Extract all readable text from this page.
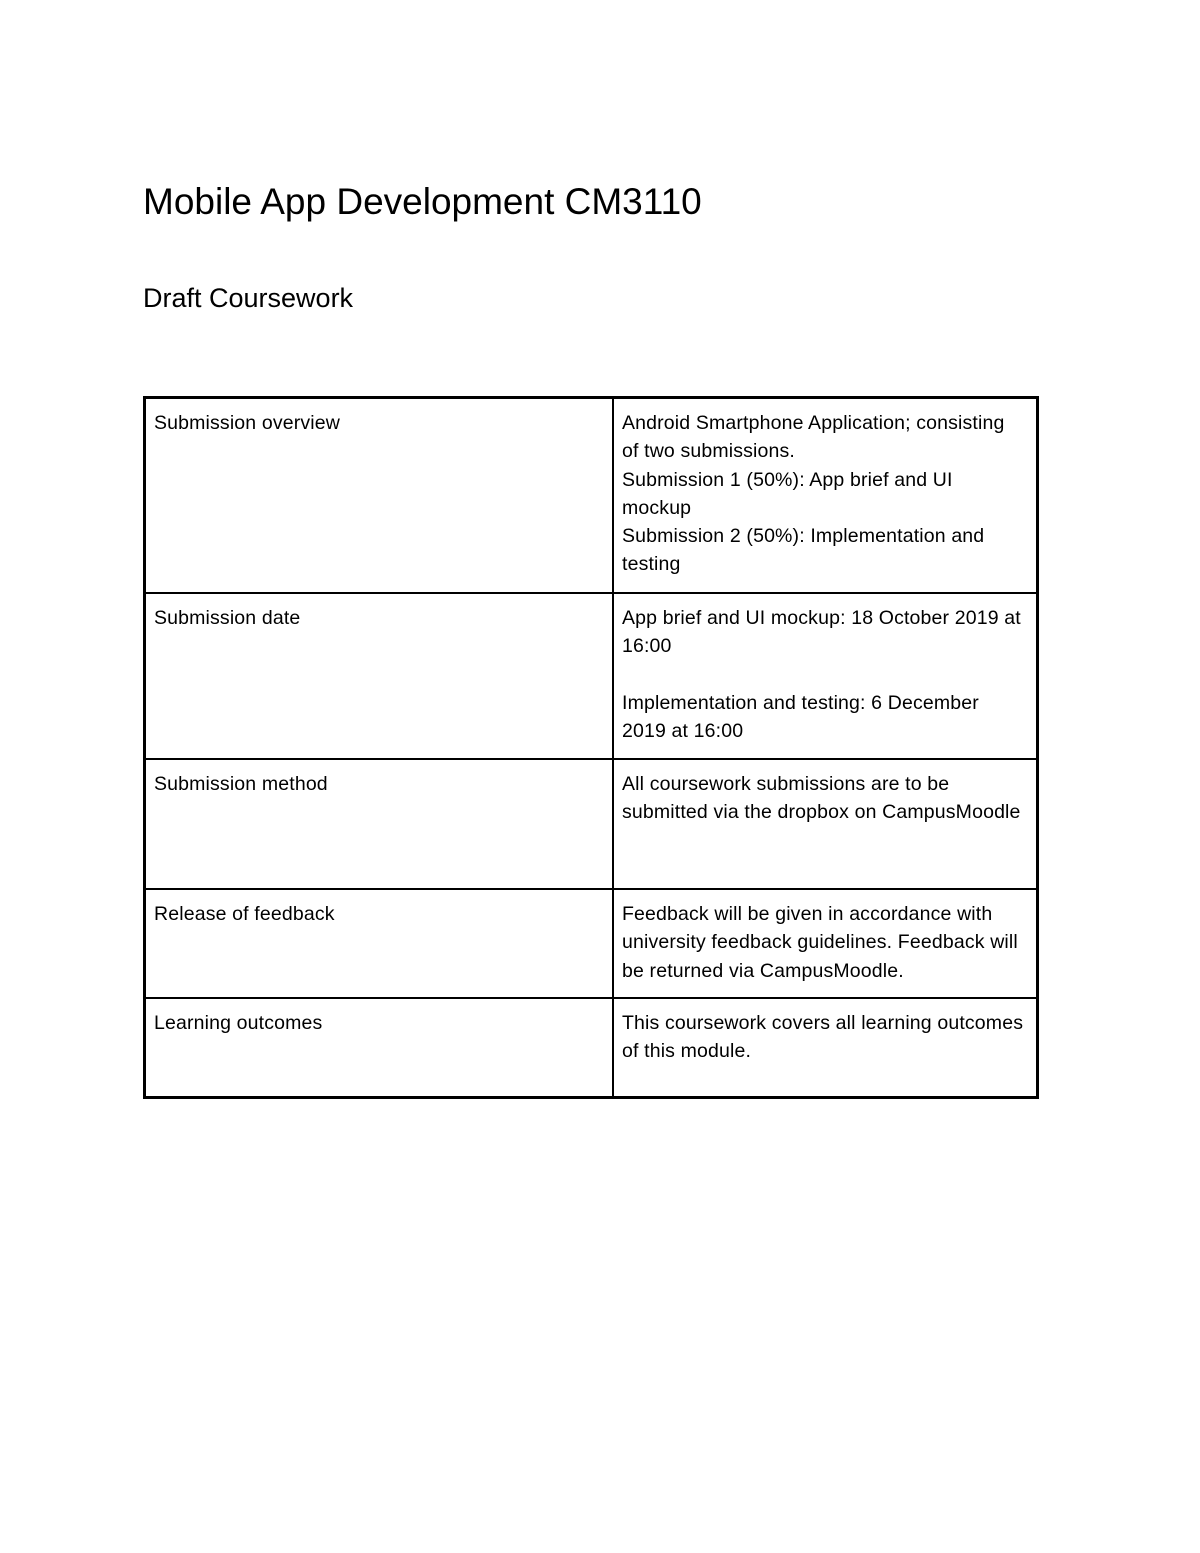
Mobile App Development CM3110
Draft Coursework
Submission overview	Android Smartphone Application; consisting of two submissions.
Submission 1 (50%): App brief and UI mockup
Submission 2 (50%): Implementation and testing

Submission date	App brief and UI mockup: 18 October 2019 at 16:00
Implementation and testing: 6 December 2019 at 16:00

Submission method	All coursework submissions are to be submitted via the dropbox on CampusMoodle

Release of feedback	Feedback will be given in accordance with university feedback guidelines. Feedback will be returned via CampusMoodle.

Learning outcomes	This coursework covers all learning outcomes of this module.
